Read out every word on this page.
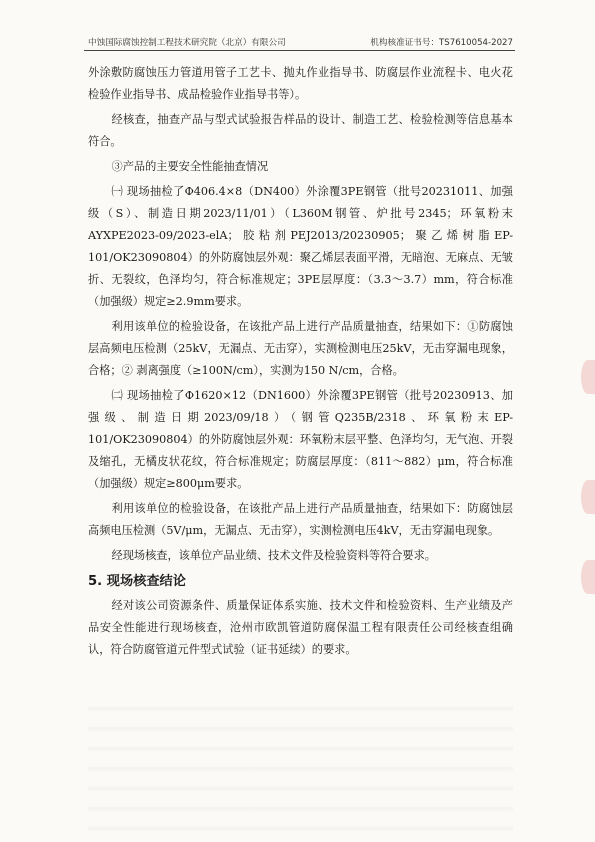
中蚀国际腐蚀控制工程技术研究院（北京）有限公司	机构核准证书号：TS7610054-2027

外涂敷防腐蚀压力管道用管子工艺卡、抛丸作业指导书、防腐层作业流程卡、电火花检验作业指导书、成品检验作业指导书等）。

经核查，抽查产品与型式试验报告样品的设计、制造工艺、检验检测等信息基本符合。

③产品的主要安全性能抽查情况

㈠ 现场抽检了Φ406.4×8（DN400）外涂覆3PE钢管（批号20231011、加强级（S）、制造日期2023/11/01）（L360M钢管、炉批号2345；环氧粉末AYXPE2023-09/2023-elA；胶粘剂PEJ2013/20230905；聚乙烯树脂EP-101/OK23090804）的外防腐蚀层外观：聚乙烯层表面平滑，无暗泡、无麻点、无皱折、无裂纹，色泽均匀，符合标准规定；3PE层厚度：（3.3～3.7）mm，符合标准（加强级）规定≥2.9mm要求。

利用该单位的检验设备，在该批产品上进行产品质量抽查，结果如下：①防腐蚀层高频电压检测（25kV，无漏点、无击穿），实测检测电压25kV，无击穿漏电现象，合格；② 剥离强度（≥100N/cm），实测为150 N/cm，合格。

㈡ 现场抽检了Φ1620×12（DN1600）外涂覆3PE钢管（批号20230913、加强级、制造日期2023/09/18）（钢管Q235B/2318、环氧粉末EP-101/OK23090804）的外防腐蚀层外观：环氧粉末层平整、色泽均匀，无气泡、开裂及缩孔，无橘皮状花纹，符合标准规定；防腐层厚度：（811～882）μm，符合标准（加强级）规定≥800μm要求。

利用该单位的检验设备，在该批产品上进行产品质量抽查，结果如下：防腐蚀层高频电压检测（5V/μm，无漏点、无击穿），实测检测电压4kV，无击穿漏电现象。

经现场核查，该单位产品业绩、技术文件及检验资料等符合要求。

5. 现场核查结论

经对该公司资源条件、质量保证体系实施、技术文件和检验资料、生产业绩及产品安全性能进行现场核查，沧州市欧凯管道防腐保温工程有限责任公司经核查组确认，符合防腐管道元件型式试验（证书延续）的要求。
